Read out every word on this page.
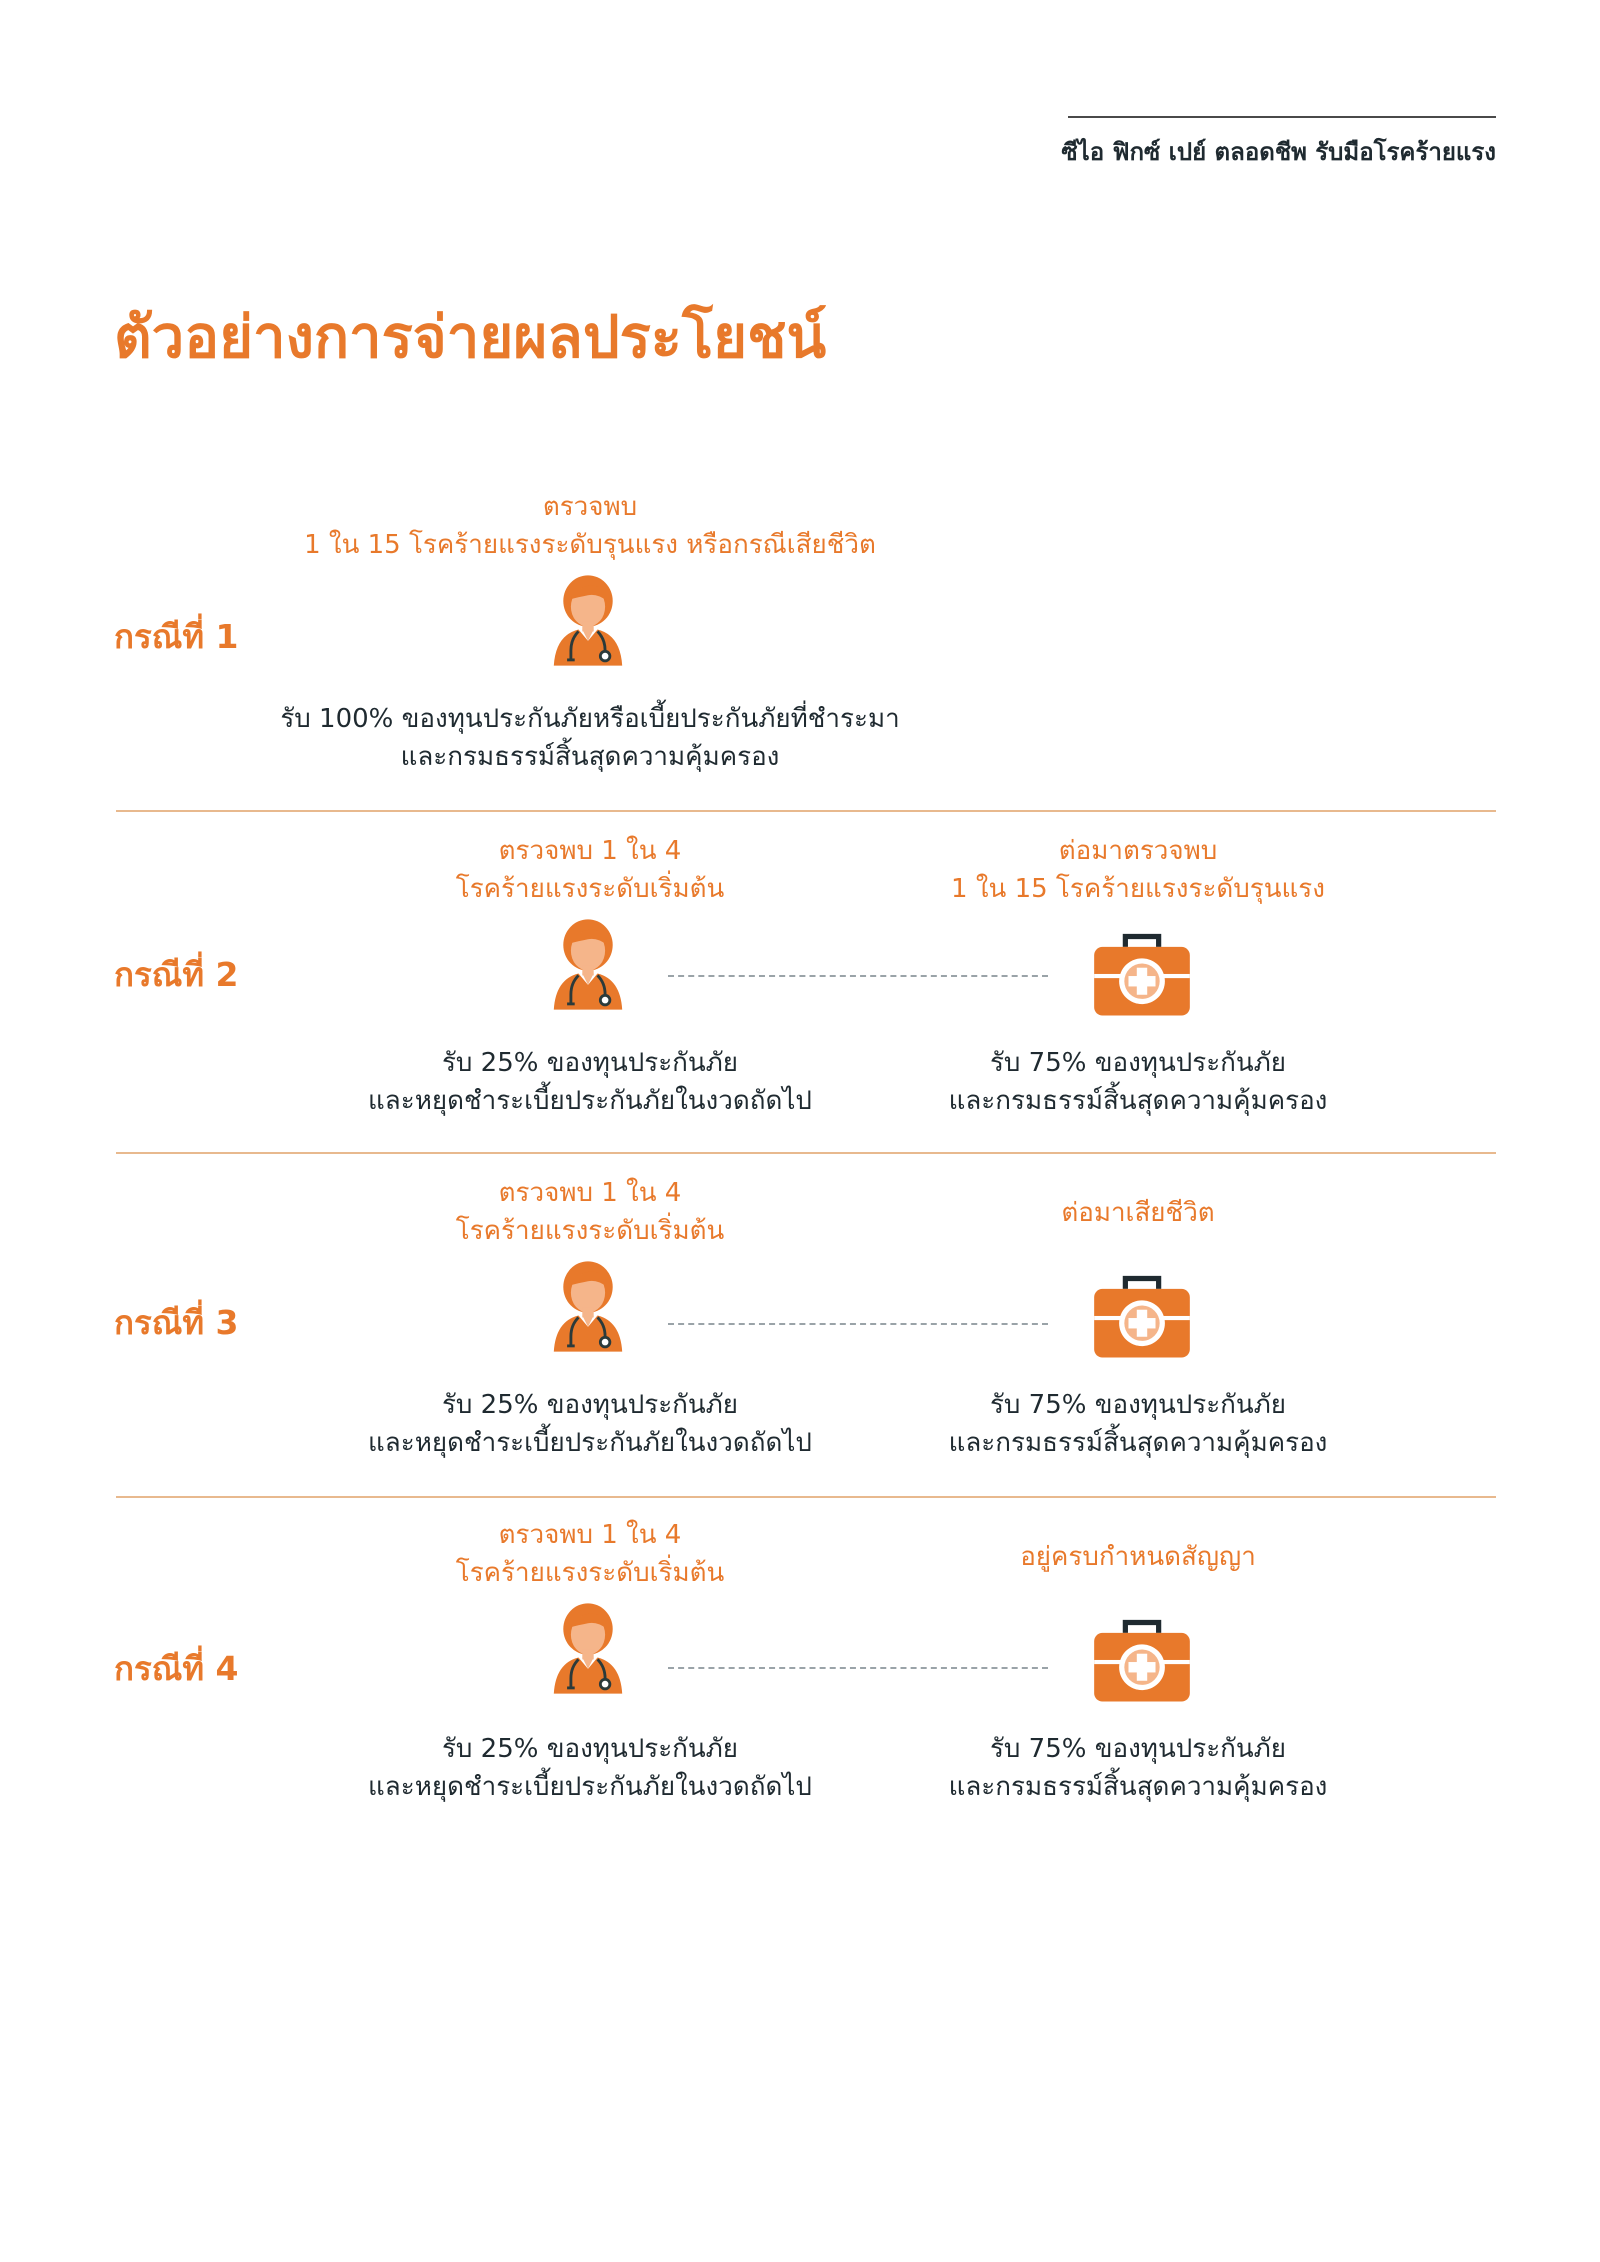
ซีไอ ฟิกซ์ เปย์ ตลอดชีพ รับมือโรคร้ายแรง
ตัวอย่างการจ่ายผลประโยชน์
กรณีที่ 1
ตรวจพบ
1 ใน 15 โรคร้ายแรงระดับรุนแรง หรือกรณีเสียชีวิต
รับ 100% ของทุนประกันภัยหรือเบี้ยประกันภัยที่ชำระมา
และกรมธรรม์สิ้นสุดความคุ้มครอง
กรณีที่ 2
ตรวจพบ 1 ใน 4
โรคร้ายแรงระดับเริ่มต้น
ต่อมาตรวจพบ
1 ใน 15 โรคร้ายแรงระดับรุนแรง
รับ 25% ของทุนประกันภัย
และหยุดชำระเบี้ยประกันภัยในงวดถัดไป
รับ 75% ของทุนประกันภัย
และกรมธรรม์สิ้นสุดความคุ้มครอง
กรณีที่ 3
ตรวจพบ 1 ใน 4
โรคร้ายแรงระดับเริ่มต้น
ต่อมาเสียชีวิต
รับ 25% ของทุนประกันภัย
และหยุดชำระเบี้ยประกันภัยในงวดถัดไป
รับ 75% ของทุนประกันภัย
และกรมธรรม์สิ้นสุดความคุ้มครอง
กรณีที่ 4
ตรวจพบ 1 ใน 4
โรคร้ายแรงระดับเริ่มต้น
อยู่ครบกำหนดสัญญา
รับ 25% ของทุนประกันภัย
และหยุดชำระเบี้ยประกันภัยในงวดถัดไป
รับ 75% ของทุนประกันภัย
และกรมธรรม์สิ้นสุดความคุ้มครอง
